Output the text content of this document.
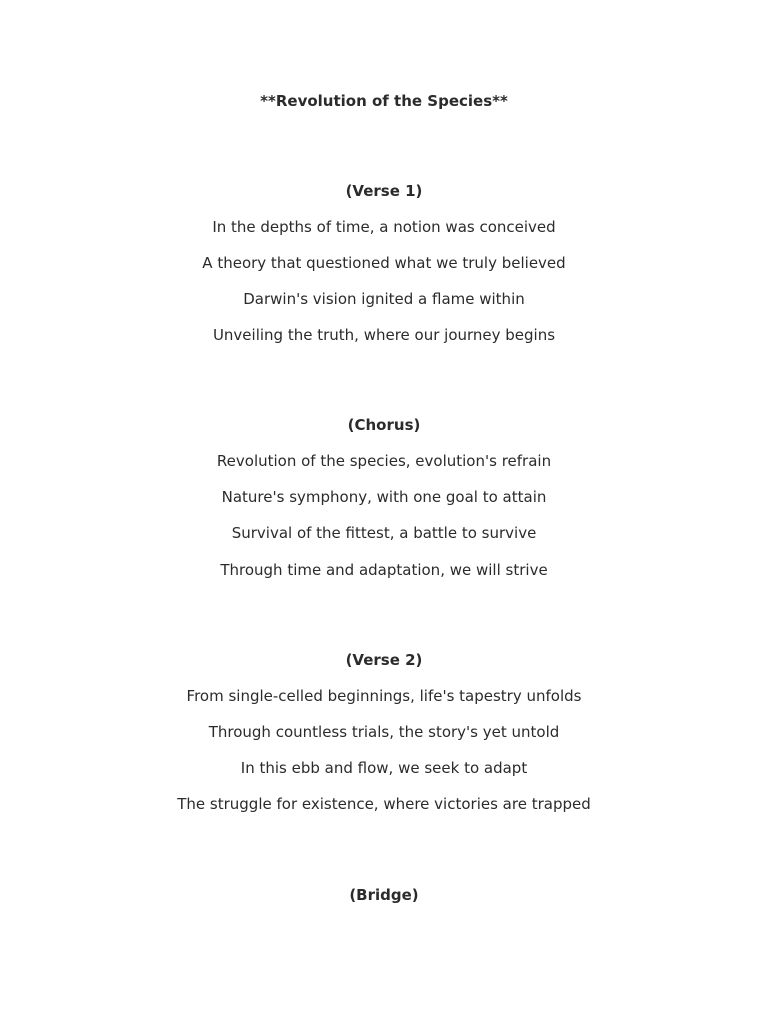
**Revolution of the Species**
(Verse 1)
In the depths of time, a notion was conceived
A theory that questioned what we truly believed
Darwin's vision ignited a flame within
Unveiling the truth, where our journey begins
(Chorus)
Revolution of the species, evolution's refrain
Nature's symphony, with one goal to attain
Survival of the fittest, a battle to survive
Through time and adaptation, we will strive
(Verse 2)
From single-celled beginnings, life's tapestry unfolds
Through countless trials, the story's yet untold
In this ebb and flow, we seek to adapt
The struggle for existence, where victories are trapped
(Bridge)
